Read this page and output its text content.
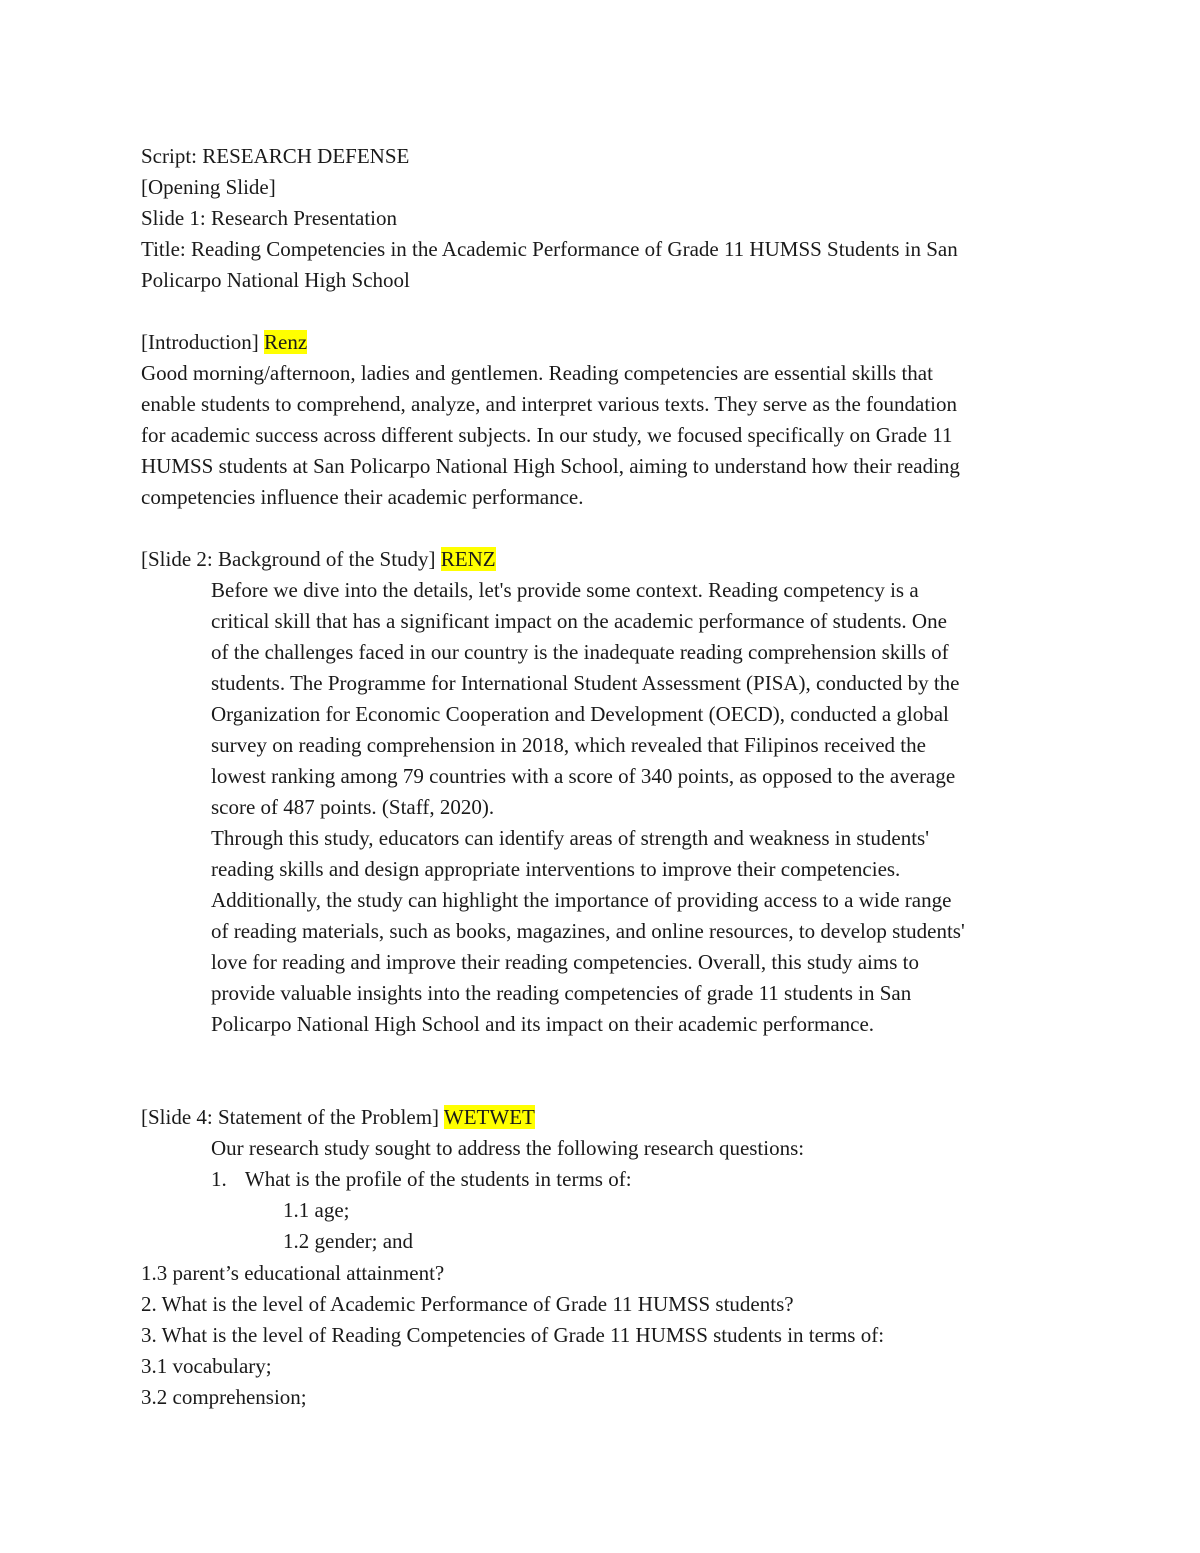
Script: RESEARCH DEFENSE
[Opening Slide]
Slide 1: Research Presentation
Title: Reading Competencies in the Academic Performance of Grade 11 HUMSS Students in San
Policarpo National High School
[Introduction] Renz
Good morning/afternoon, ladies and gentlemen. Reading competencies are essential skills that
enable students to comprehend, analyze, and interpret various texts. They serve as the foundation
for academic success across different subjects. In our study, we focused specifically on Grade 11
HUMSS students at San Policarpo National High School, aiming to understand how their reading
competencies influence their academic performance.
[Slide 2: Background of the Study] RENZ
Before we dive into the details, let's provide some context. Reading competency is a
critical skill that has a significant impact on the academic performance of students. One
of the challenges faced in our country is the inadequate reading comprehension skills of
students. The Programme for International Student Assessment (PISA), conducted by the
Organization for Economic Cooperation and Development (OECD), conducted a global
survey on reading comprehension in 2018, which revealed that Filipinos received the
lowest ranking among 79 countries with a score of 340 points, as opposed to the average
score of 487 points. (Staff, 2020).
Through this study, educators can identify areas of strength and weakness in students'
reading skills and design appropriate interventions to improve their competencies.
Additionally, the study can highlight the importance of providing access to a wide range
of reading materials, such as books, magazines, and online resources, to develop students'
love for reading and improve their reading competencies. Overall, this study aims to
provide valuable insights into the reading competencies of grade 11 students in San
Policarpo National High School and its impact on their academic performance.
[Slide 4: Statement of the Problem] WETWET
Our research study sought to address the following research questions:
1. What is the profile of the students in terms of:
1.1 age;
1.2 gender; and
1.3 parent’s educational attainment?
2. What is the level of Academic Performance of Grade 11 HUMSS students?
3. What is the level of Reading Competencies of Grade 11 HUMSS students in terms of:
3.1 vocabulary;
3.2 comprehension;
